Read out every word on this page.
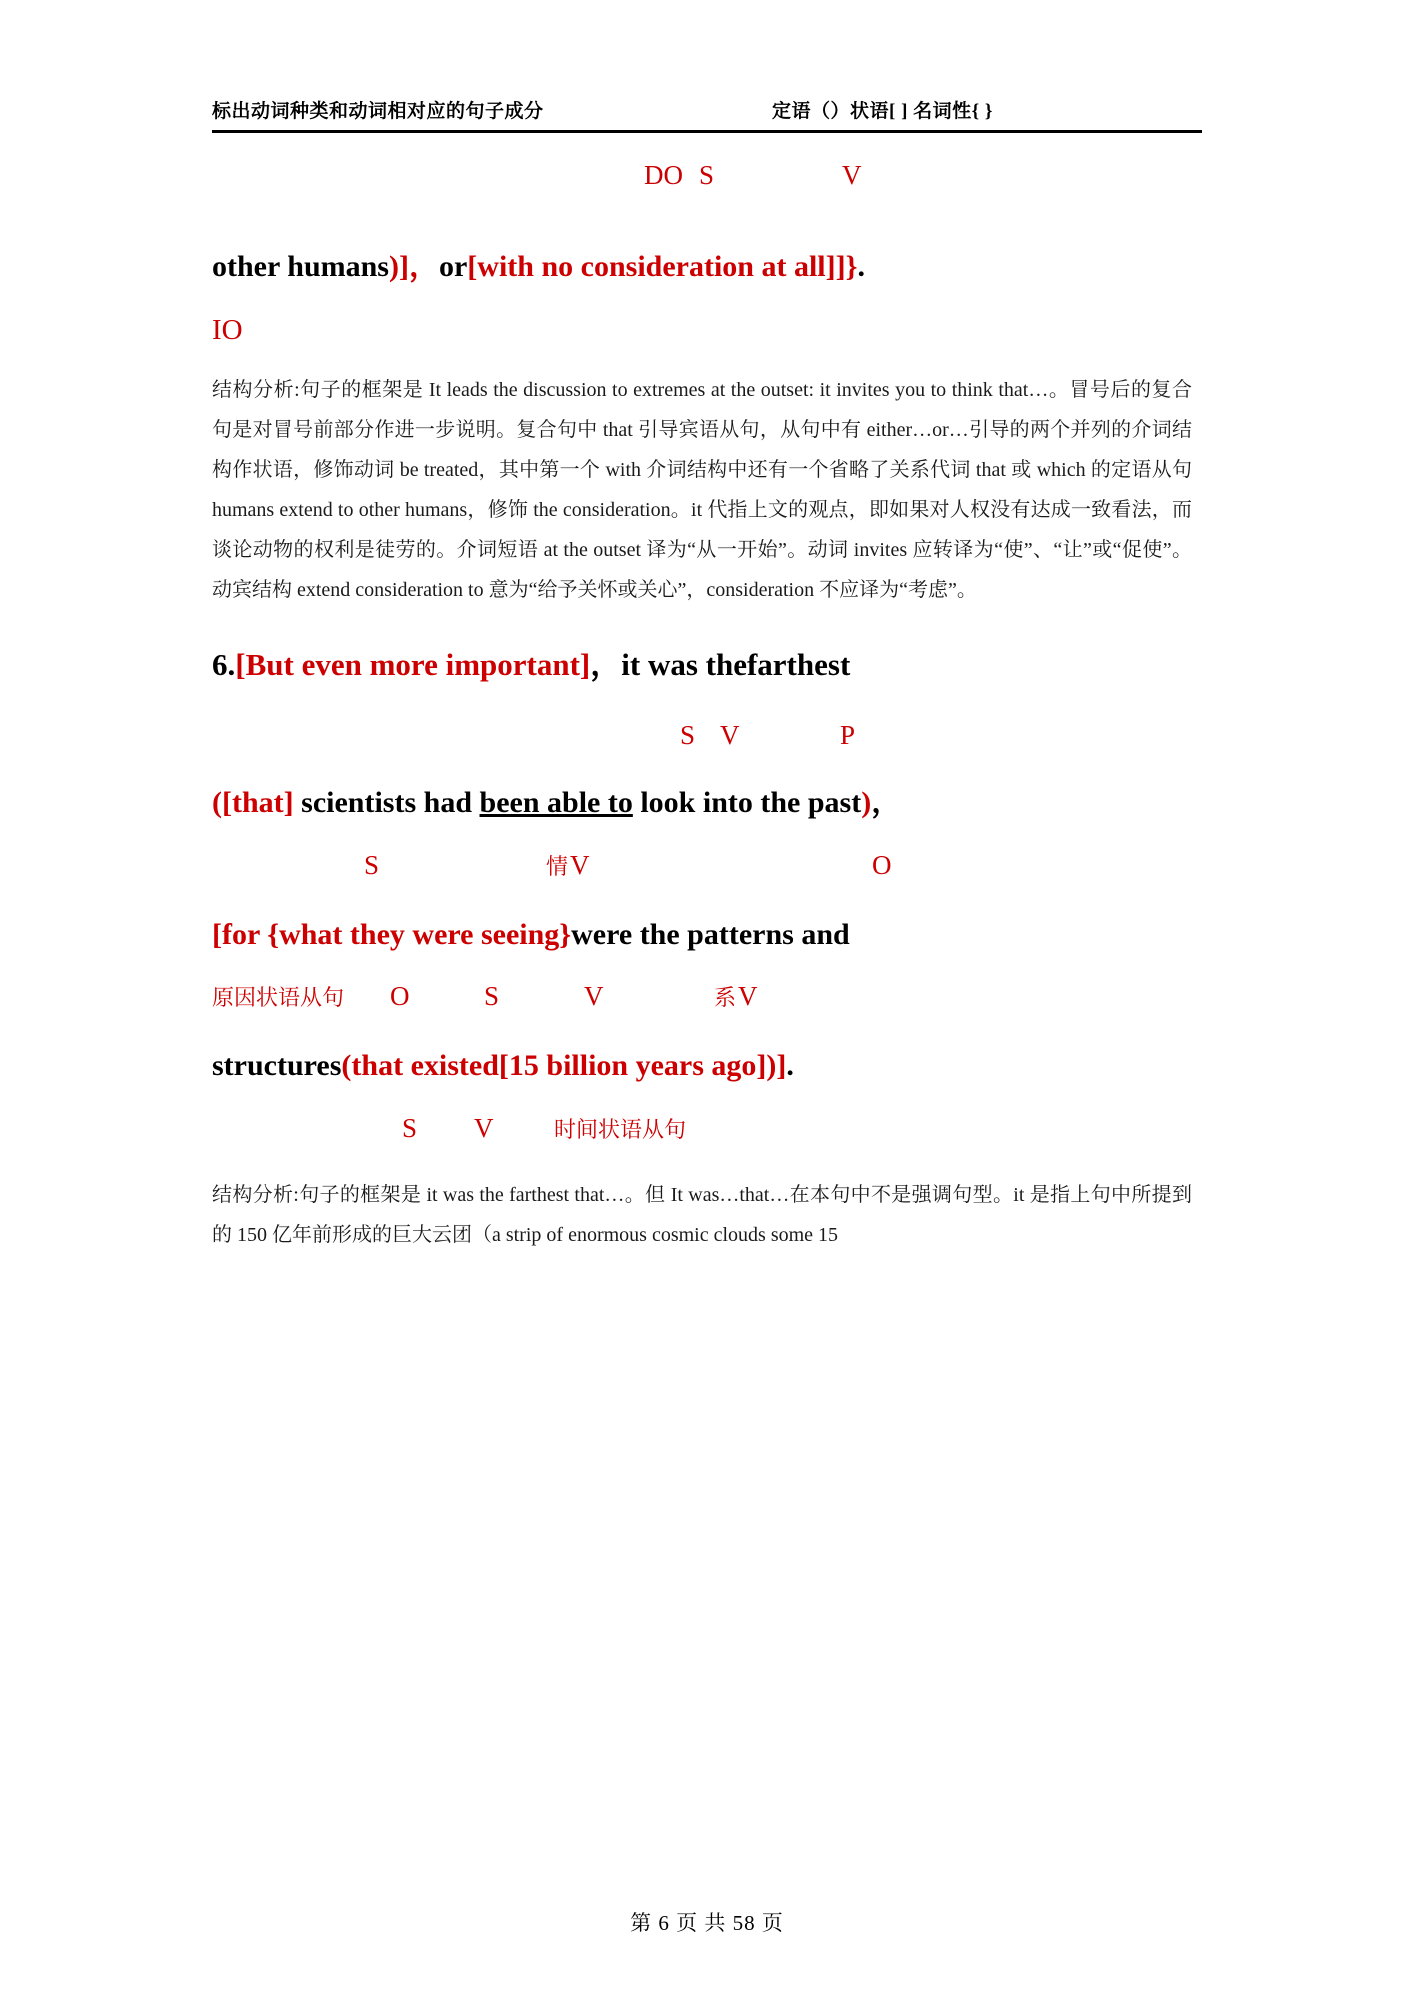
标出动词种类和动词相对应的句子成分	定语（）状语[ ] 名词性{ }
DO S	V
other humans)]，or[with no consideration at all]]}.
IO
结构分析:句子的框架是 It leads the discussion to extremes at the outset: it invites you to think that…。冒号后的复合句是对冒号前部分作进一步说明。复合句中 that 引导宾语从句，从句中有 either…or…引导的两个并列的介词结构作状语，修饰动词 be treated，其中第一个 with 介词结构中还有一个省略了关系代词 that 或 which 的定语从句 humans extend to other humans，修饰 the consideration。it 代指上文的观点，即如果对人权没有达成一致看法，而谈论动物的权利是徒劳的。介词短语 at the outset 译为“从一开始”。动词 invites 应转译为“使”、“让”或“促使”。动宾结构 extend consideration to 意为“给予关怀或关心”，consideration 不应译为“考虑”。
6.[But even more important]，it was thefarthest
S V	P
([that] scientists had been able to look into the past)，
S	情 V	O
[for {what they were seeing}were the patterns and
原因状语从句 O	S	V	系 V
structures(that existed[15 billion years ago])].
S V	时间状语从句
结构分析:句子的框架是 it was the farthest that…。但 It was…that…在本句中不是强调句型。it 是指上句中所提到的 150 亿年前形成的巨大云团（a strip of enormous cosmic clouds some 15
第 6 页 共 58 页
